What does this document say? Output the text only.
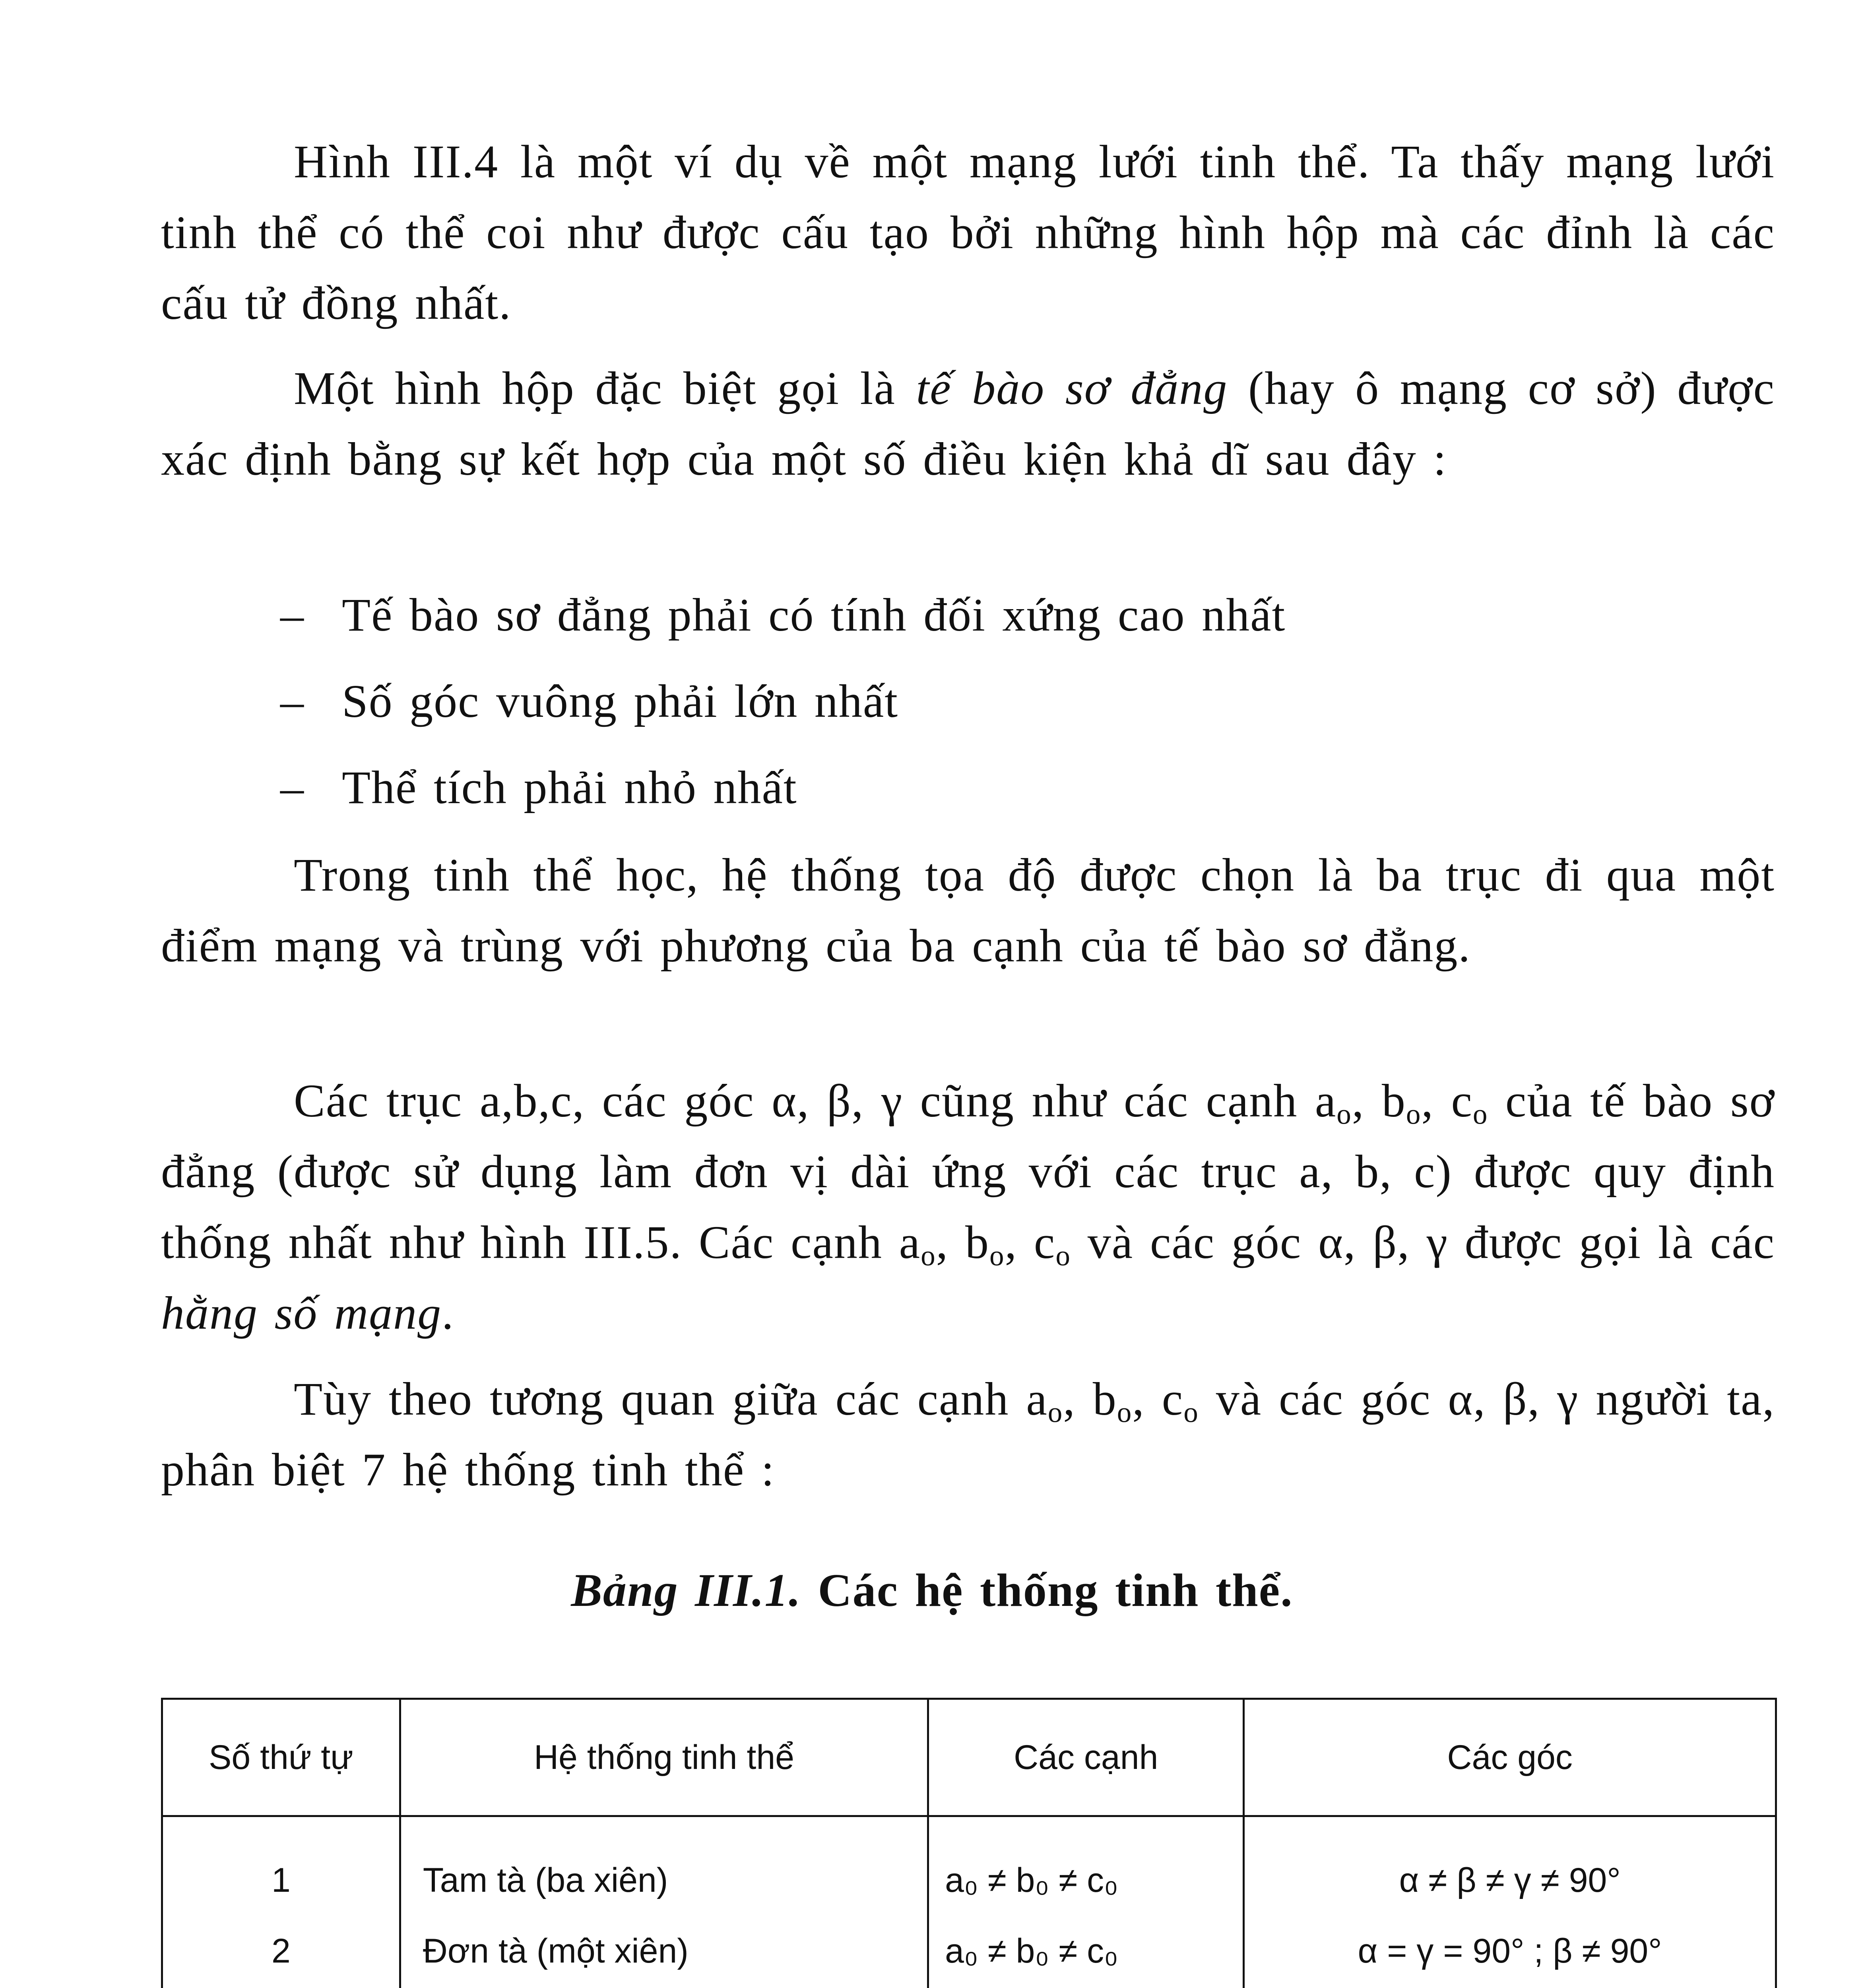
Hình III.4 là một ví dụ về một mạng lưới tinh thể. Ta thấy mạng lưới tinh thể có thể coi như được cấu tạo bởi những hình hộp mà các đỉnh là các cấu tử đồng nhất.

Một hình hộp đặc biệt gọi là tế bào sơ đẳng (hay ô mạng cơ sở) được xác định bằng sự kết hợp của một số điều kiện khả dĩ sau đây :

– Tế bào sơ đẳng phải có tính đối xứng cao nhất

– Số góc vuông phải lớn nhất

– Thể tích phải nhỏ nhất

Trong tinh thể học, hệ thống tọa độ được chọn là ba trục đi qua một điểm mạng và trùng với phương của ba cạnh của tế bào sơ đẳng.

Các trục a,b,c, các góc α, β, γ cũng như các cạnh $a_o$, $b_o$, $c_o$ của tế bào sơ đẳng (được sử dụng làm đơn vị dài ứng với các trục a, b, c) được quy định thống nhất như hình III.5. Các cạnh $a_o$, $b_o$, $c_o$ và các góc α, β, γ được gọi là các hằng số mạng.

Tùy theo tương quan giữa các cạnh $a_o$, $b_o$, $c_o$ và các góc α, β, γ người ta, phân biệt 7 hệ thống tinh thể :

Bảng III.1. Các hệ thống tinh thể.

Số thứ tự	Hệ thống tinh thể	Các cạnh	Các góc
1	Tam tà (ba xiên)	a₀ ≠ b₀ ≠ c₀	α ≠ β ≠ γ ≠ 90°
2	Đơn tà (một xiên)	a₀ ≠ b₀ ≠ c₀	α = γ = 90° ; β ≠ 90°
